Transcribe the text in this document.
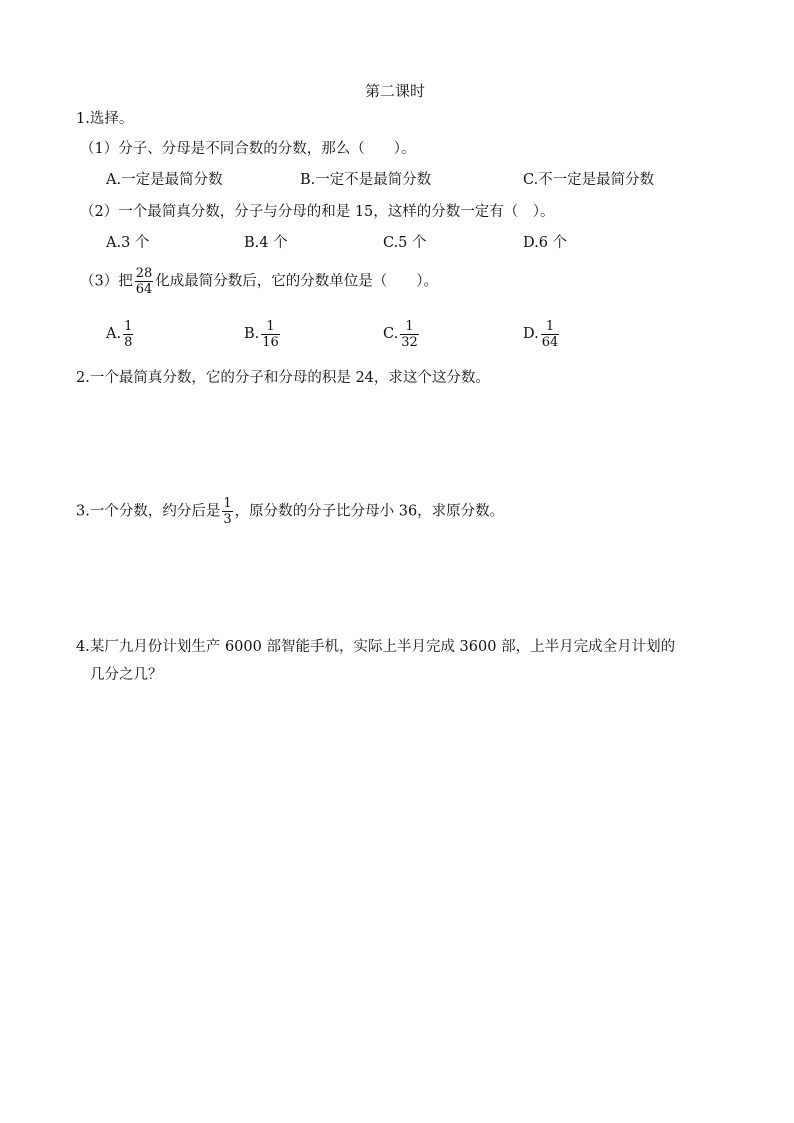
第二课时
1.选择。
（1）分子、分母是不同合数的分数，那么（　　）。
A.一定是最简分数	B.一定不是最简分数	C.不一定是最简分数
（2）一个最简真分数，分子与分母的和是 15，这样的分数一定有（　）。
A.3 个	B.4 个	C.5 个	D.6 个
（3）把 $\frac{28}{64}$ 化成最简分数后，它的分数单位是（　　）。
A. $\frac{1}{8}$	B. $\frac{1}{16}$	C. $\frac{1}{32}$	D. $\frac{1}{64}$
2.一个最简真分数，它的分子和分母的积是 24，求这个这分数。
3.一个分数，约分后是 $\frac{1}{3}$ ，原分数的分子比分母小 36，求原分数。
4.某厂九月份计划生产 6000 部智能手机，实际上半月完成 3600 部，上半月完成全月计划的
几分之几？
